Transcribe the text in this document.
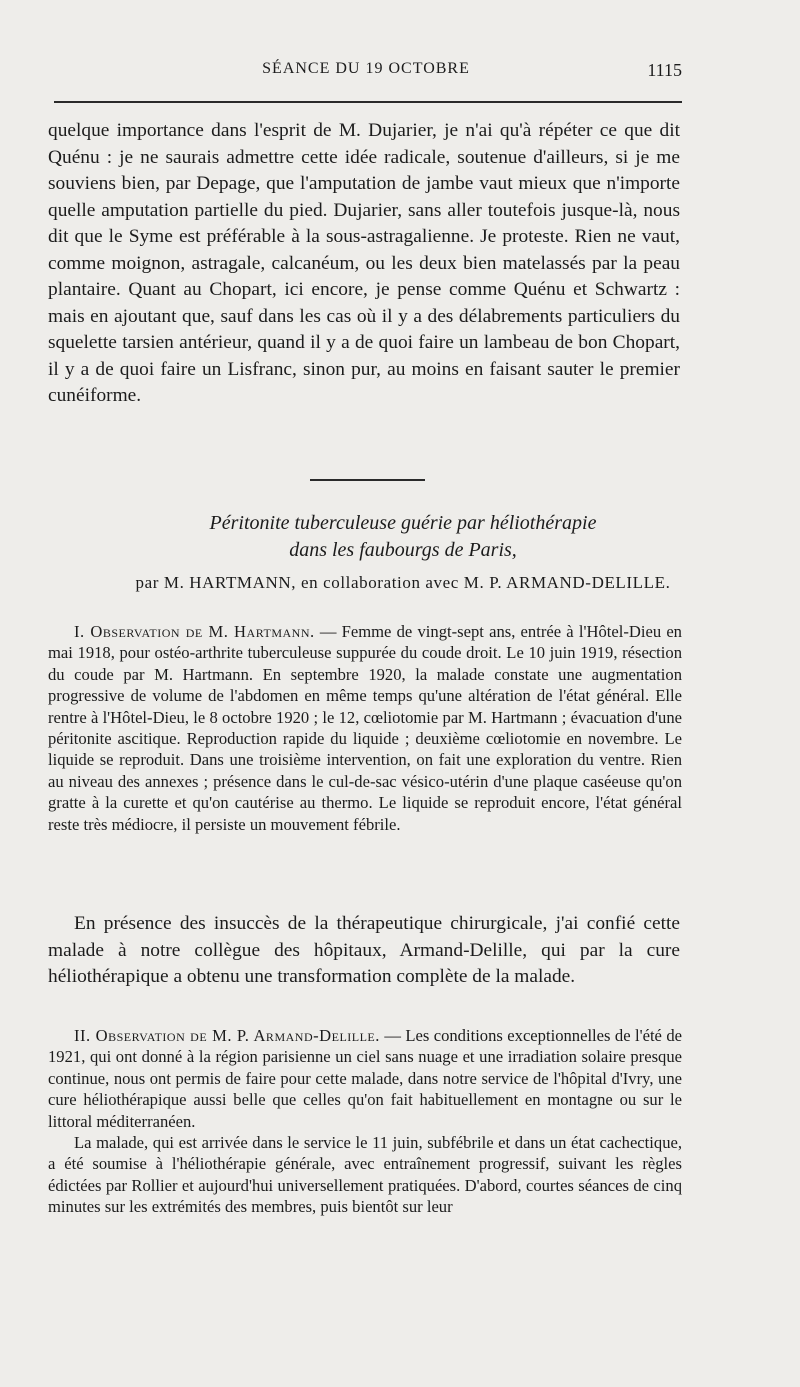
SÉANCE DU 19 OCTOBRE	1115

quelque importance dans l'esprit de M. Dujarier, je n'ai qu'à répéter ce que dit Quénu : je ne saurais admettre cette idée radicale, soutenue d'ailleurs, si je me souviens bien, par Depage, que l'amputation de jambe vaut mieux que n'importe quelle amputation partielle du pied. Dujarier, sans aller toutefois jusque-là, nous dit que le Syme est préférable à la sous-astragalienne. Je proteste. Rien ne vaut, comme moignon, astragale, calcanéum, ou les deux bien matelassés par la peau plantaire. Quant au Chopart, ici encore, je pense comme Quénu et Schwartz : mais en ajoutant que, sauf dans les cas où il y a des délabrements particuliers du squelette tarsien antérieur, quand il y a de quoi faire un lambeau de bon Chopart, il y a de quoi faire un Lisfranc, sinon pur, au moins en faisant sauter le premier cunéiforme.

Péritonite tuberculeuse guérie par héliothérapie
dans les faubourgs de Paris,
par M. HARTMANN, en collaboration avec M. P. ARMAND-DELILLE.

I. Observation de M. Hartmann. — Femme de vingt-sept ans, entrée à l'Hôtel-Dieu en mai 1918, pour ostéo-arthrite tuberculeuse suppurée du coude droit. Le 10 juin 1919, résection du coude par M. Hartmann. En septembre 1920, la malade constate une augmentation progressive de volume de l'abdomen en même temps qu'une altération de l'état général. Elle rentre à l'Hôtel-Dieu, le 8 octobre 1920 ; le 12, cœliotomie par M. Hartmann ; évacuation d'une péritonite ascitique. Reproduction rapide du liquide ; deuxième cœliotomie en novembre. Le liquide se reproduit. Dans une troisième intervention, on fait une exploration du ventre. Rien au niveau des annexes ; présence dans le cul-de-sac vésico-utérin d'une plaque caséeuse qu'on gratte à la curette et qu'on cautérise au thermo. Le liquide se reproduit encore, l'état général reste très médiocre, il persiste un mouvement fébrile.

En présence des insuccès de la thérapeutique chirurgicale, j'ai confié cette malade à notre collègue des hôpitaux, Armand-Delille, qui par la cure héliothérapique a obtenu une transformation complète de la malade.

II. Observation de M. P. Armand-Delille. — Les conditions exceptionnelles de l'été de 1921, qui ont donné à la région parisienne un ciel sans nuage et une irradiation solaire presque continue, nous ont permis de faire pour cette malade, dans notre service de l'hôpital d'Ivry, une cure héliothérapique aussi belle que celles qu'on fait habituellement en montagne ou sur le littoral méditerranéen.

La malade, qui est arrivée dans le service le 11 juin, subfébrile et dans un état cachectique, a été soumise à l'héliothérapie générale, avec entraînement progressif, suivant les règles édictées par Rollier et aujourd'hui universellement pratiquées. D'abord, courtes séances de cinq minutes sur les extrémités des membres, puis bientôt sur leur
